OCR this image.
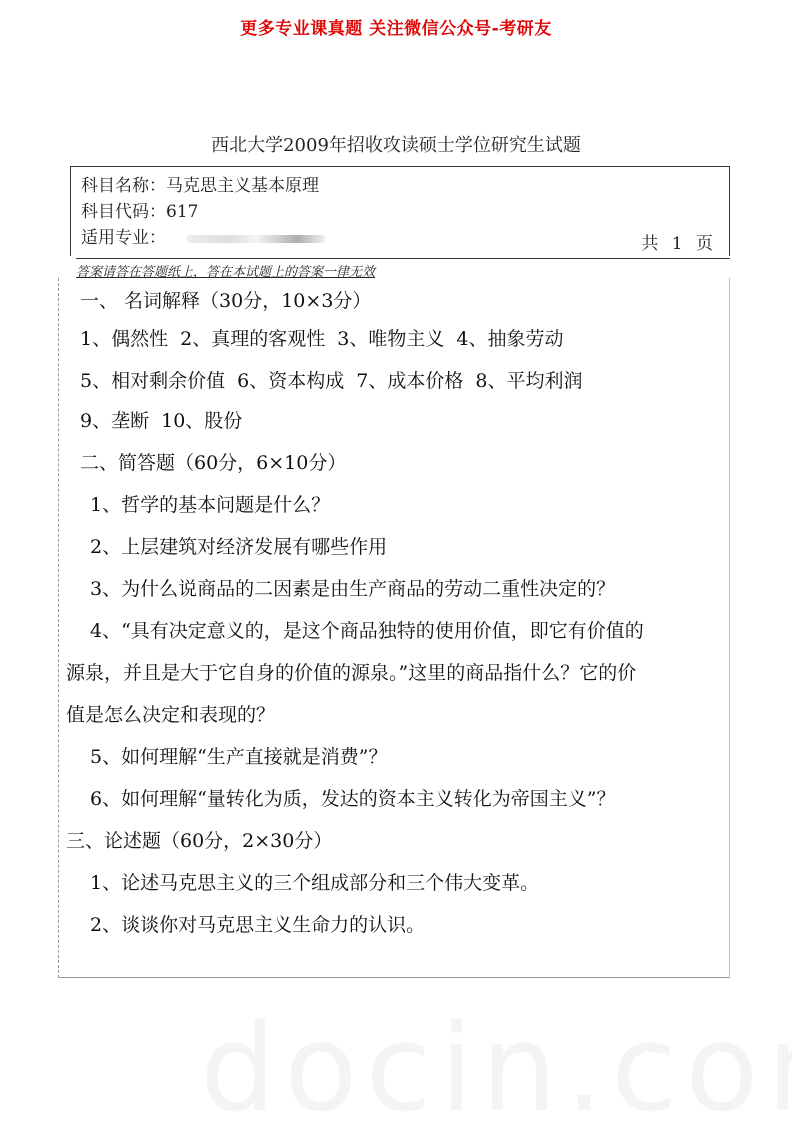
更多专业课真题 关注微信公众号-考研友
西北大学2009年招收攻读硕士学位研究生试题
科目名称：马克思主义基本原理
科目代码：617
适用专业：	共 1 页
答案请答在答题纸上，答在本试题上的答案一律无效
一、 名词解释（30分，10×3分）
1、偶然性 2、真理的客观性 3、唯物主义 4、抽象劳动
5、相对剩余价值 6、资本构成 7、成本价格 8、平均利润
9、垄断 10、股份
二、简答题（60分，6×10分）
1、哲学的基本问题是什么？
2、上层建筑对经济发展有哪些作用
3、为什么说商品的二因素是由生产商品的劳动二重性决定的？
4、“具有决定意义的，是这个商品独特的使用价值，即它有价值的
源泉，并且是大于它自身的价值的源泉。”这里的商品指什么？它的价
值是怎么决定和表现的？
5、如何理解“生产直接就是消费”？
6、如何理解“量转化为质，发达的资本主义转化为帝国主义”？
三、论述题（60分，2×30分）
1、论述马克思主义的三个组成部分和三个伟大变革。
2、谈谈你对马克思主义生命力的认识。
